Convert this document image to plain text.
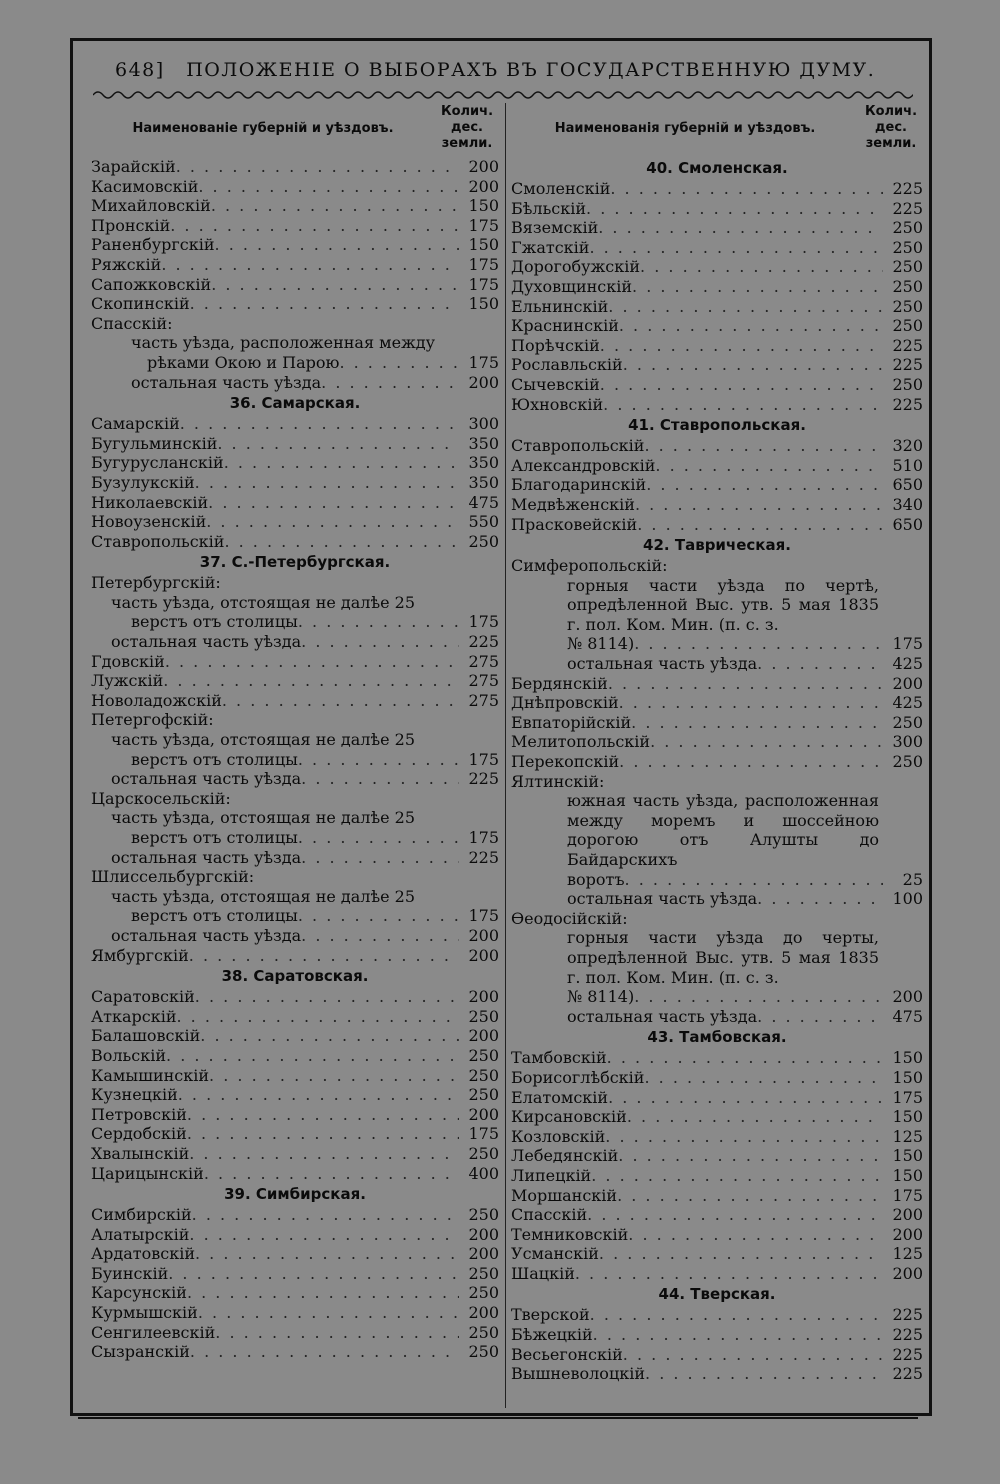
648] ПОЛОЖЕНІЕ О ВЫБОРАХЪ ВЪ ГОСУДАРСТВЕННУЮ ДУМУ.
Наименованіе губерній и уѣздовъ.
Колич.
дес.
земли.
Зарайскій . . .	200
Касимовскій . . .	200
Михайловскій . . .	150
Пронскій . . .	175
Раненбургскій . . .	150
Ряжскій . . .	175
Сапожковскій . . .	175
Скопинскій . . .	150
Спасскій:
часть уѣзда, расположенная между
рѣками Окою и Парою . . .	175
остальная часть уѣзда . . .	200
36. Самарская.
Самарскій . . .	300
Бугульминскій . . .	350
Бугурусланскій . . .	350
Бузулукскій . . .	350
Николаевскій . . .	475
Новоузенскій . . .	550
Ставропольскій . . .	250
37. С.-Петербургская.
Петербургскій:
часть уѣзда, отстоящая не далѣе 25
верстъ отъ столицы . . .	175
остальная часть уѣзда . . .	225
Гдовскій . . .	275
Лужскій . . .	275
Новоладожскій . . .	275
Петергофскій:
часть уѣзда, отстоящая не далѣе 25
верстъ отъ столицы . . .	175
остальная часть уѣзда . . .	225
Царскосельскій:
часть уѣзда, отстоящая не далѣе 25
верстъ отъ столицы . . .	175
остальная часть уѣзда . . .	225
Шлиссельбургскій:
часть уѣзда, отстоящая не далѣе 25
верстъ отъ столицы . . .	175
остальная часть уѣзда . . .	200
Ямбургскій . . .	200
38. Саратовская.
Саратовскій . . .	200
Аткарскій . . .	250
Балашовскій . . .	200
Вольскій . . .	250
Камышинскій . . .	250
Кузнецкій . . .	250
Петровскій . . .	200
Сердобскій . . .	175
Хвалынскій . . .	250
Царицынскій . . .	400
39. Симбирская.
Симбирскій . . .	250
Алатырскій . . .	200
Ардатовскій . . .	200
Буинскій . . .	250
Карсунскій . . .	250
Курмышскій . . .	200
Сенгилеевскій . . .	250
Сызранскій . . .	250
Наименованія губерній и уѣздовъ.
Колич.
дес.
земли.
40. Смоленская.
Смоленскій . . .	225
Бѣльскій . . .	225
Вяземскій . . .	250
Гжатскій . . .	250
Дорогобужскій . . .	250
Духовщинскій . . .	250
Ельнинскій . . .	250
Краснинскій . . .	250
Порѣчскій . . .	225
Рославльскій . . .	225
Сычевскій . . .	250
Юхновскій . . .	225
41. Ставропольская.
Ставропольскій . . .	320
Александровскій . . .	510
Благодаринскій . . .	650
Медвѣженскій . . .	340
Прасковейскій . . .	650
42. Таврическая.
Симферопольскій:
горныя части уѣзда по чертѣ, опредѣленной Выс. утв. 5 мая 1835 г. пол. Ком. Мин. (п. с. з.
№ 8114) . . .	175
остальная часть уѣзда . . .	425
Бердянскій . . .	200
Днѣпровскій . . .	425
Евпаторійскій . . .	250
Мелитопольскій . . .	300
Перекопскій . . .	250
Ялтинскій:
южная часть уѣзда, расположенная между моремъ и шоссейною дорогою отъ Алушты до Байдарскихъ
воротъ . . .	25
остальная часть уѣзда . . .	100
Ѳеодосійскій:
горныя части уѣзда до черты, опредѣленной Выс. утв. 5 мая 1835 г. пол. Ком. Мин. (п. с. з.
№ 8114) . . .	200
остальная часть уѣзда . . .	475
43. Тамбовская.
Тамбовскій . . .	150
Борисоглѣбскій . . .	150
Елатомскій . . .	175
Кирсановскій . . .	150
Козловскій . . .	125
Лебедянскій . . .	150
Липецкій . . .	150
Моршанскій . . .	175
Спасскій . . .	200
Темниковскій . . .	200
Усманскій . . .	125
Шацкій . . .	200
44. Тверская.
Тверской . . .	225
Бѣжецкій . . .	225
Весьегонскій . . .	225
Вышневолоцкій . . .	225
